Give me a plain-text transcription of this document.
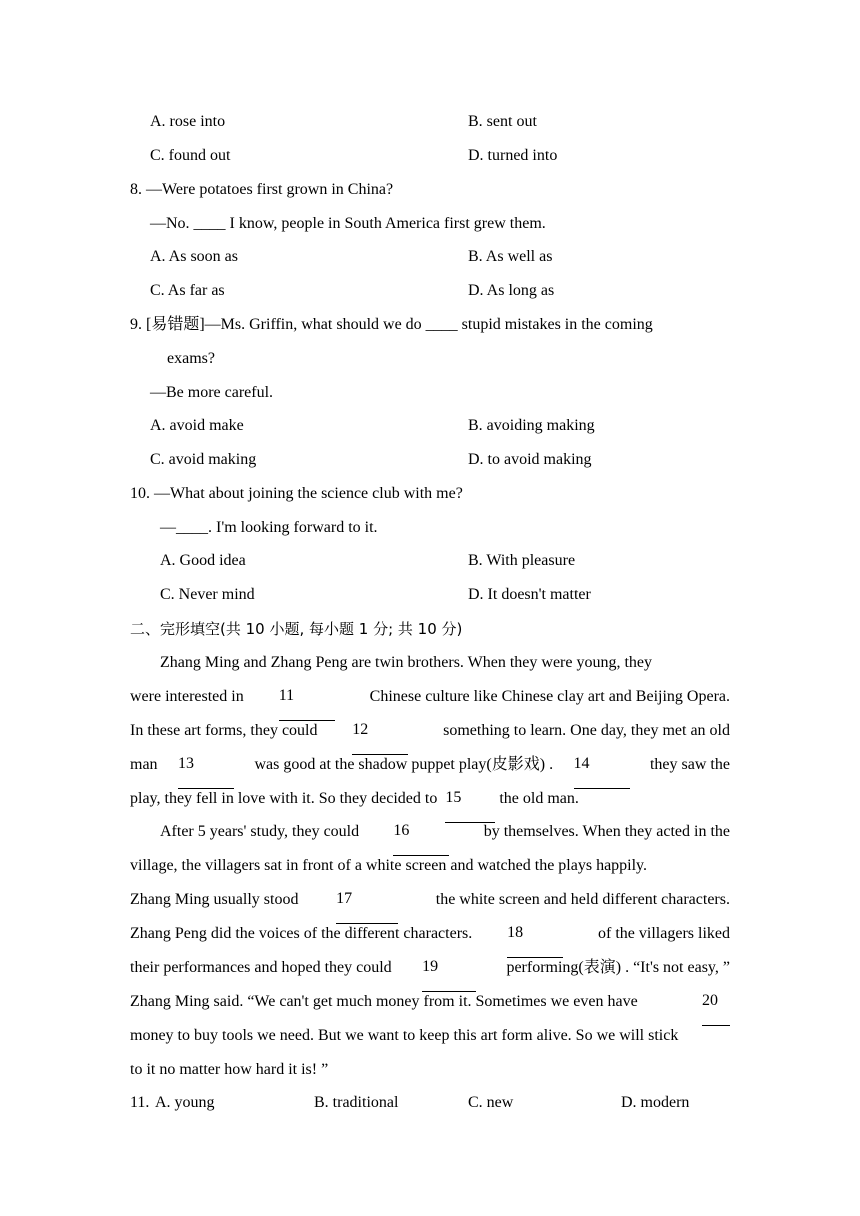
A. rose into	B. sent out
C. found out	D. turned into
8. —Were potatoes first grown in China?
—No. ____ I know, people in South America first grew them.
A. As soon as	B. As well as
C. As far as	D. As long as
9. [易错题]—Ms. Griffin, what should we do ____ stupid mistakes in the coming
exams?
—Be more careful.
A. avoid make	B. avoiding making
C. avoid making	D. to avoid making
10. —What about joining the science club with me?
—____. I'm looking forward to it.
A. Good idea	B. With pleasure
C. Never mind	D. It doesn't matter
二、完形填空(共 10 小题, 每小题 1 分; 共 10 分)
Zhang Ming and Zhang Peng are twin brothers. When they were young, they
were interested in 11	Chinese culture like Chinese clay art and Beijing Opera.
In these art forms, they could 12	something to learn. One day, they met an old
man 13	was good at the shadow puppet play(皮影戏) . 14	they saw the
play, they fell in love with it. So they decided to 15	the old man.
After 5 years' study, they could 16	by themselves. When they acted in the
village, the villagers sat in front of a white screen and watched the plays happily.
Zhang Ming usually stood 17	the white screen and held different characters.
Zhang Peng did the voices of the different characters. 18	of the villagers liked
their performances and hoped they could 19	performing(表演) . “It's not easy, ”
Zhang Ming said. “We can't get much money from it. Sometimes we even have	20
money to buy tools we need. But we want to keep this art form alive. So we will stick
to it no matter how hard it is! ”
11. A. young	B. traditional	C. new	D. modern
